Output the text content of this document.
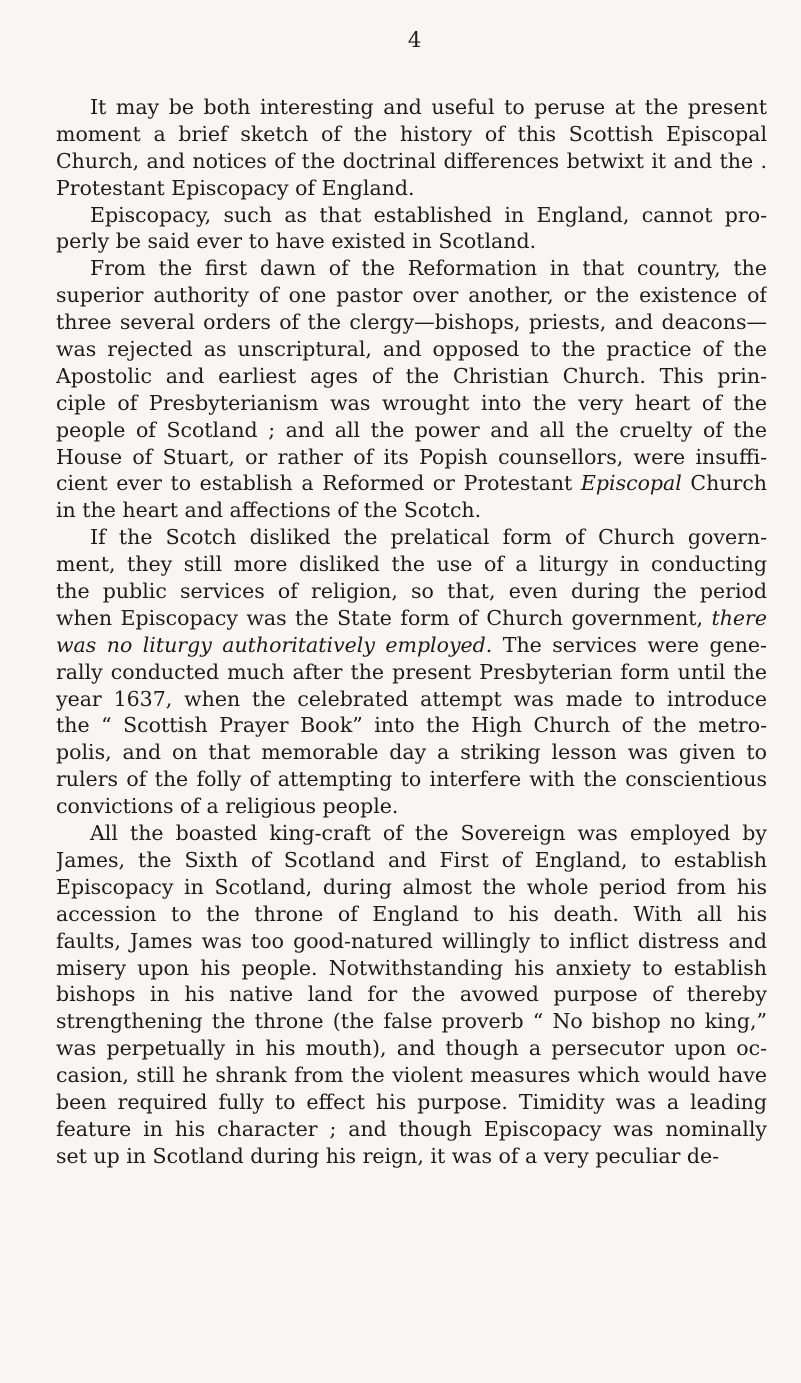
4
It may be both interesting and useful to peruse at the present
moment a brief sketch of the history of this Scottish Episcopal
Church, and notices of the doctrinal differences betwixt it and the .
Protestant Episcopacy of England.
Episcopacy, such as that established in England, cannot pro-
perly be said ever to have existed in Scotland.
From the first dawn of the Reformation in that country, the
superior authority of one pastor over another, or the existence of
three several orders of the clergy—bishops, priests, and deacons—
was rejected as unscriptural, and opposed to the practice of the
Apostolic and earliest ages of the Christian Church. This prin-
ciple of Presbyterianism was wrought into the very heart of the
people of Scotland ; and all the power and all the cruelty of the
House of Stuart, or rather of its Popish counsellors, were insuffi-
cient ever to establish a Reformed or Protestant Episcopal Church
in the heart and affections of the Scotch.
If the Scotch disliked the prelatical form of Church govern-
ment, they still more disliked the use of a liturgy in conducting
the public services of religion, so that, even during the period
when Episcopacy was the State form of Church government, there
was no liturgy authoritatively employed. The services were gene-
rally conducted much after the present Presbyterian form until the
year 1637, when the celebrated attempt was made to introduce
the “ Scottish Prayer Book” into the High Church of the metro-
polis, and on that memorable day a striking lesson was given to
rulers of the folly of attempting to interfere with the conscientious
convictions of a religious people.
All the boasted king-craft of the Sovereign was employed by
James, the Sixth of Scotland and First of England, to establish
Episcopacy in Scotland, during almost the whole period from his
accession to the throne of England to his death. With all his
faults, James was too good-natured willingly to inflict distress and
misery upon his people. Notwithstanding his anxiety to establish
bishops in his native land for the avowed purpose of thereby
strengthening the throne (the false proverb “ No bishop no king,”
was perpetually in his mouth), and though a persecutor upon oc-
casion, still he shrank from the violent measures which would have
been required fully to effect his purpose. Timidity was a leading
feature in his character ; and though Episcopacy was nominally
set up in Scotland during his reign, it was of a very peculiar de-
